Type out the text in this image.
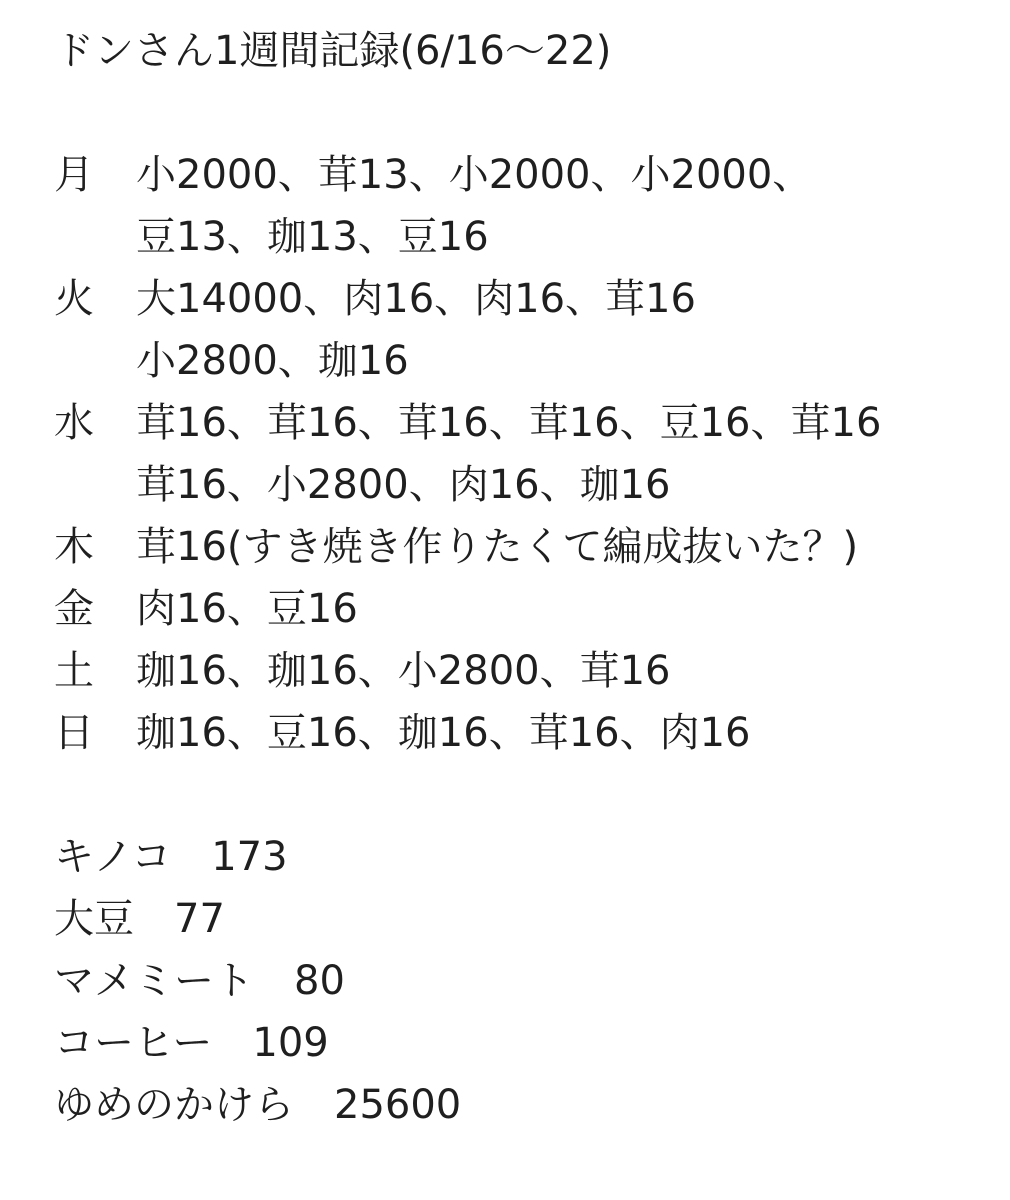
ドンさん1週間記録(6/16〜22)
月	小2000、茸13、小2000、小2000、
豆13、珈13、豆16
火	大14000、肉16、肉16、茸16
小2800、珈16
水	茸16、茸16、茸16、茸16、豆16、茸16
茸16、小2800、肉16、珈16
木	茸16(すき焼き作りたくて編成抜いた？)
金	肉16、豆16
土	珈16、珈16、小2800、茸16
日	珈16、豆16、珈16、茸16、肉16
キノコ　173
大豆　77
マメミート　80
コーヒー　109
ゆめのかけら　25600
